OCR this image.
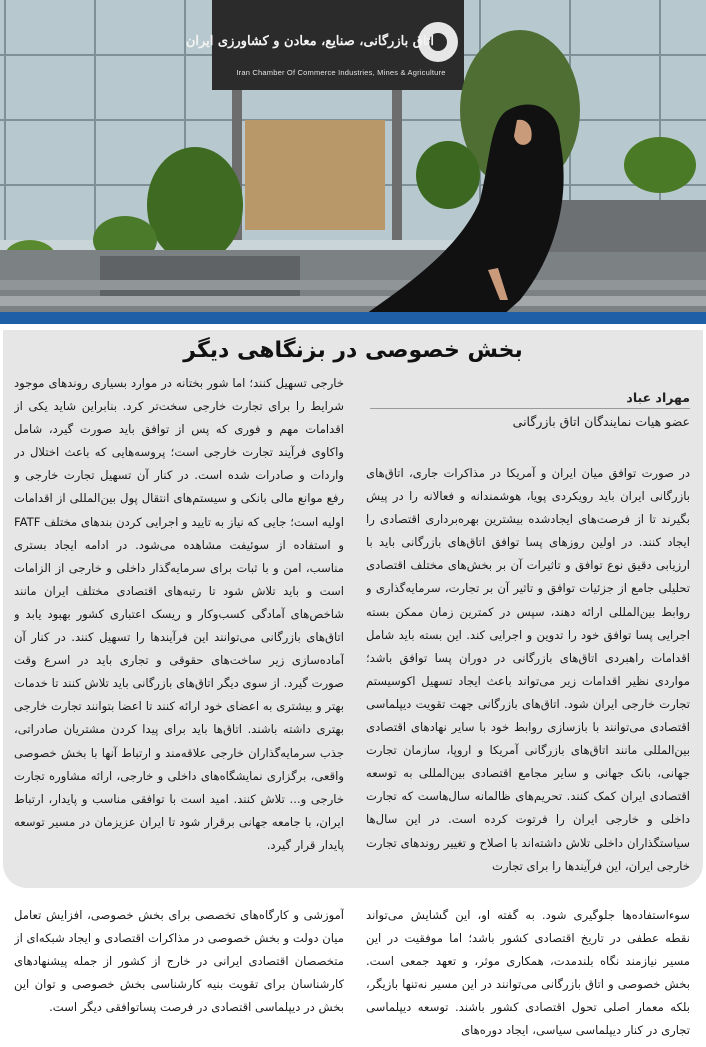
اتاق بازرگانی، صنایع، معادن و کشاورزی ایران
Iran Chamber Of Commerce Industries, Mines & Agriculture
بخش خصوصی در بزنگاهی دیگر
مهراد عباد
عضو هیات نمایندگان اتاق بازرگانی

در صورت توافق میان ایران و آمریکا در مذاکرات جاری، اتاق‌های بازرگانی ایران باید رویکردی پویا، هوشمندانه و فعالانه را در پیش بگیرند تا از فرصت‌های ایجادشده بیشترین بهره‌برداری اقتصادی را ایجاد کنند. در اولین روزهای پسا توافق اتاق‌های بازرگانی باید با ارزیابی دقیق نوع توافق و تاثیرات آن بر بخش‌های مختلف اقتصادی تحلیلی جامع از جزئیات توافق و تاثیر آن بر تجارت، سرمایه‌گذاری و روابط بین‌المللی ارائه دهند، سپس در کمترین زمان ممکن بسته اجرایی پسا توافق خود را تدوین و اجرایی کند. این بسته باید شامل اقدامات راهبردی اتاق‌های بازرگانی در دوران پسا توافق باشد؛ مواردی نظیر اقدامات زیر می‌تواند باعث ایجاد تسهیل اکوسیستم تجارت خارجی ایران شود. اتاق‌های بازرگانی جهت تقویت دیپلماسی اقتصادی می‌توانند با بازسازی روابط خود با سایر نهادهای اقتصادی بین‌المللی مانند اتاق‌های بازرگانی آمریکا و اروپا، سازمان تجارت جهانی، بانک جهانی و سایر مجامع اقتصادی بین‌المللی به توسعه اقتصادی ایران کمک کنند. تحریم‌های ظالمانه سال‌هاست که تجارت داخلی و خارجی ایران را فرتوت کرده است. در این سال‌ها سیاستگذاران داخلی تلاش داشته‌اند با اصلاح و تغییر روندهای تجارت خارجی ایران، این فرآیندها را برای تجارت

خارجی تسهیل کنند؛ اما شور بختانه در موارد بسیاری روندهای موجود شرایط را برای تجارت خارجی سخت‌تر کرد. بنابراین شاید یکی از اقدامات مهم و فوری که پس از توافق باید صورت گیرد، شامل واکاوی فرآیند تجارت خارجی است؛ پروسه‌هایی که باعث اختلال در واردات و صادرات شده است. در کنار آن تسهیل تجارت خارجی و رفع موانع مالی بانکی و سیستم‌های انتقال پول بین‌المللی از اقدامات اولیه است؛ جایی که نیاز به تایید و اجرایی کردن بندهای مختلف FATF و استفاده از سوئیفت مشاهده می‌شود. در ادامه ایجاد بستری مناسب، امن و با ثبات برای سرمایه‌گذار داخلی و خارجی از الزامات است و باید تلاش شود تا رتبه‌های اقتصادی مختلف ایران مانند شاخص‌های آمادگی کسب‌وکار و ریسک اعتباری کشور بهبود یابد و اتاق‌های بازرگانی می‌توانند این فرآیندها را تسهیل کنند. در کنار آن آماده‌سازی زیر ساخت‌های حقوقی و تجاری باید در اسرع وقت صورت گیرد. از سوی دیگر اتاق‌های بازرگانی باید تلاش کنند تا خدمات بهتر و بیشتری به اعضای خود ارائه کنند تا اعضا بتوانند تجارت خارجی بهتری داشته باشند. اتاق‌ها باید برای پیدا کردن مشتریان صادراتی، جذب سرمایه‌گذاران خارجی علاقه‌مند و ارتباط آنها با بخش خصوصی واقعی، برگزاری نمایشگاه‌های داخلی و خارجی، ارائه مشاوره تجارت خارجی و... تلاش کنند. امید است با توافقی مناسب و پایدار، ارتباط ایران، با جامعه جهانی برقرار شود تا ایران عزیزمان در مسیر توسعه پایدار قرار گیرد.

سوءاستفاده‌ها جلوگیری شود. به گفته او، این گشایش می‌تواند نقطه عطفی در تاریخ اقتصادی کشور باشد؛ اما موفقیت در این مسیر نیازمند نگاه بلندمدت، همکاری موثر، و تعهد جمعی است. بخش خصوصی و اتاق بازرگانی می‌توانند در این مسیر نه‌تنها بازیگر، بلکه معمار اصلی تحول اقتصادی کشور باشند. توسعه دیپلماسی تجاری در کنار دیپلماسی سیاسی، ایجاد دوره‌های

آموزشی و کارگاه‌های تخصصی برای بخش خصوصی، افزایش تعامل میان دولت و بخش خصوصی در مذاکرات اقتصادی و ایجاد شبکه‌ای از متخصصان اقتصادی ایرانی در خارج از کشور از جمله پیشنهادهای کارشناسان برای تقویت بنیه کارشناسی بخش خصوصی و توان این بخش در دیپلماسی اقتصادی در فرصت پساتوافقی دیگر است.
